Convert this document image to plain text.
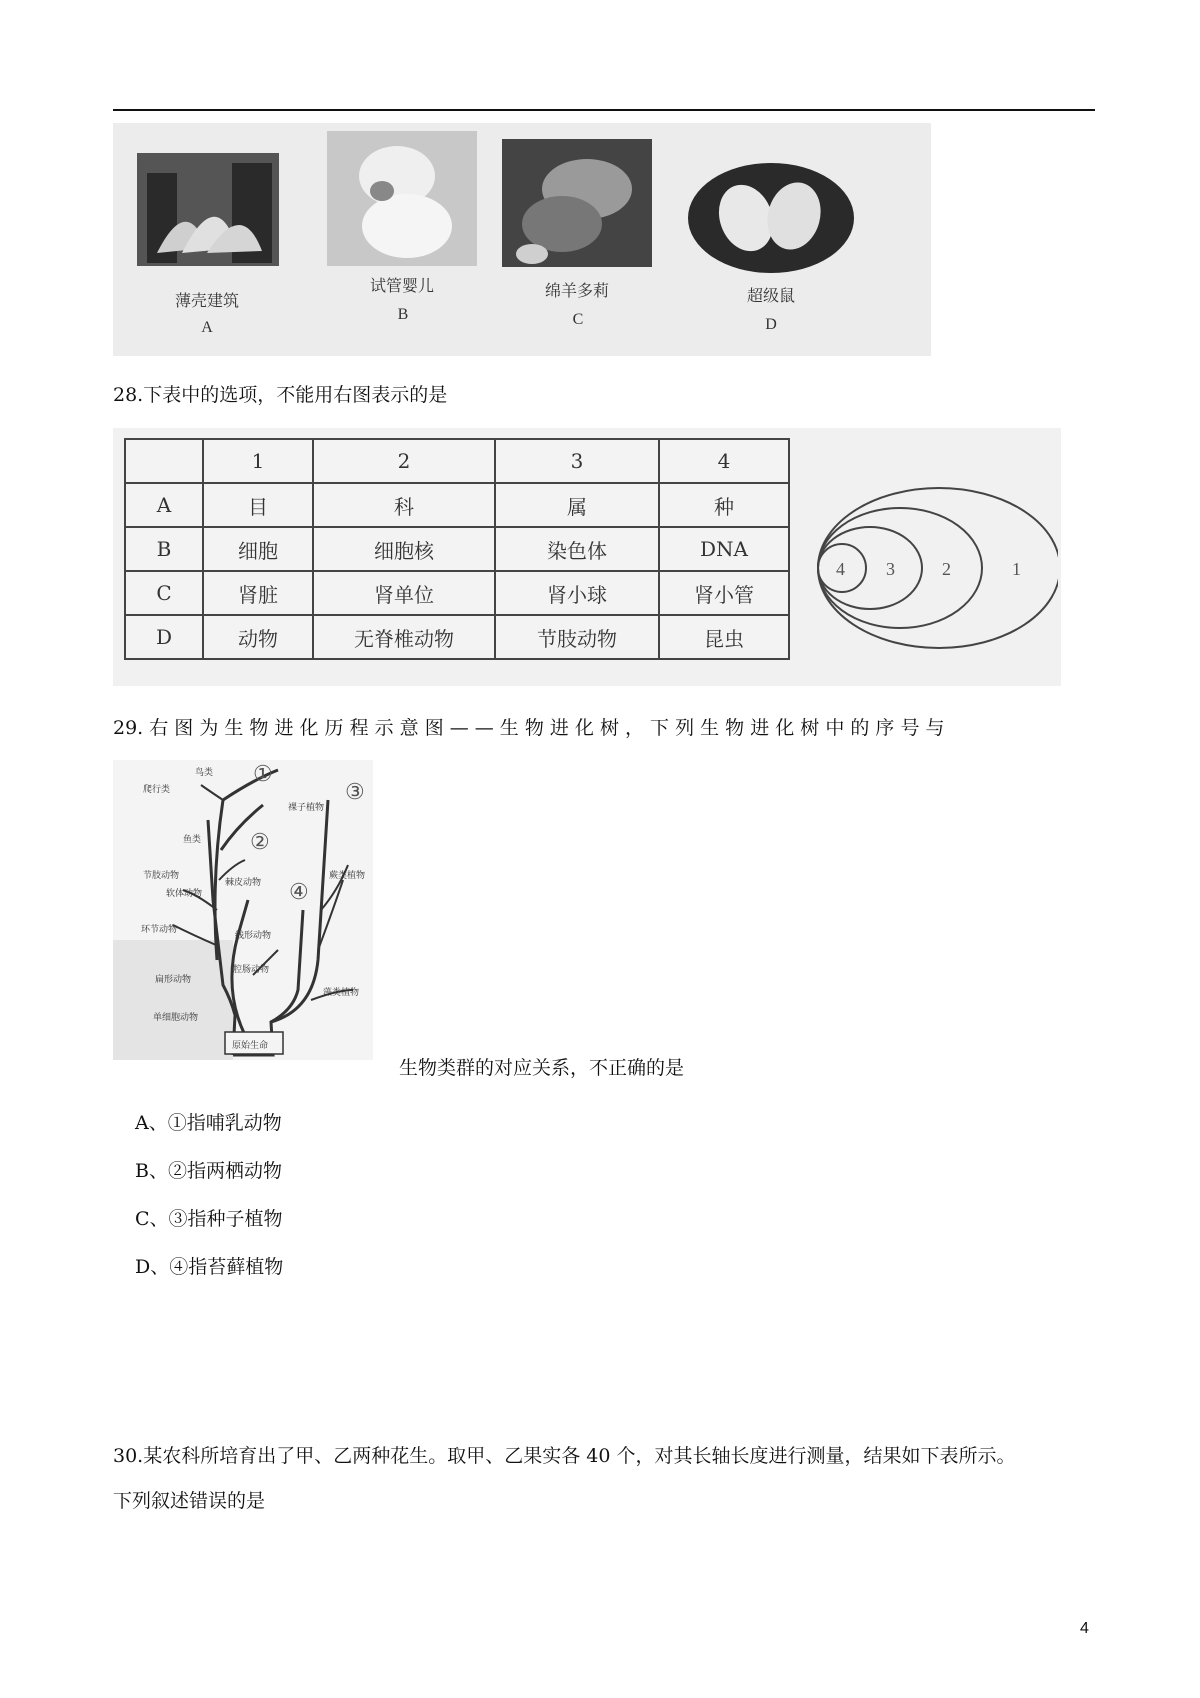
薄壳建筑
A
试管婴儿
B
绵羊多莉
C
超级鼠
D
28.下表中的选项，不能用右图表示的是
	1	2	3	4
A	目	科	属	种
B	细胞	细胞核	染色体	DNA
C	肾脏	肾单位	肾小球	肾小管
D	动物	无脊椎动物	节肢动物	昆虫
4 3	2	1
29. 右 图 为 生 物 进 化 历 程 示 意 图 — — 生 物 进 化 树 ， 下 列 生 物 进 化 树 中 的 序 号 与
①
②
③
④
鸟类
爬行类
鱼类
裸子植物
节肢动物
棘皮动物
软体动物
蕨类植物
环节动物
线形动物
腔肠动物
扁形动物
藻类植物
单细胞动物
原始生命
生物类群的对应关系，不正确的是
A、①指哺乳动物
B、②指两栖动物
C、③指种子植物
D、④指苔藓植物
30.某农科所培育出了甲、乙两种花生。取甲、乙果实各 40 个，对其长轴长度进行测量，结果如下表所示。
下列叙述错误的是
4
